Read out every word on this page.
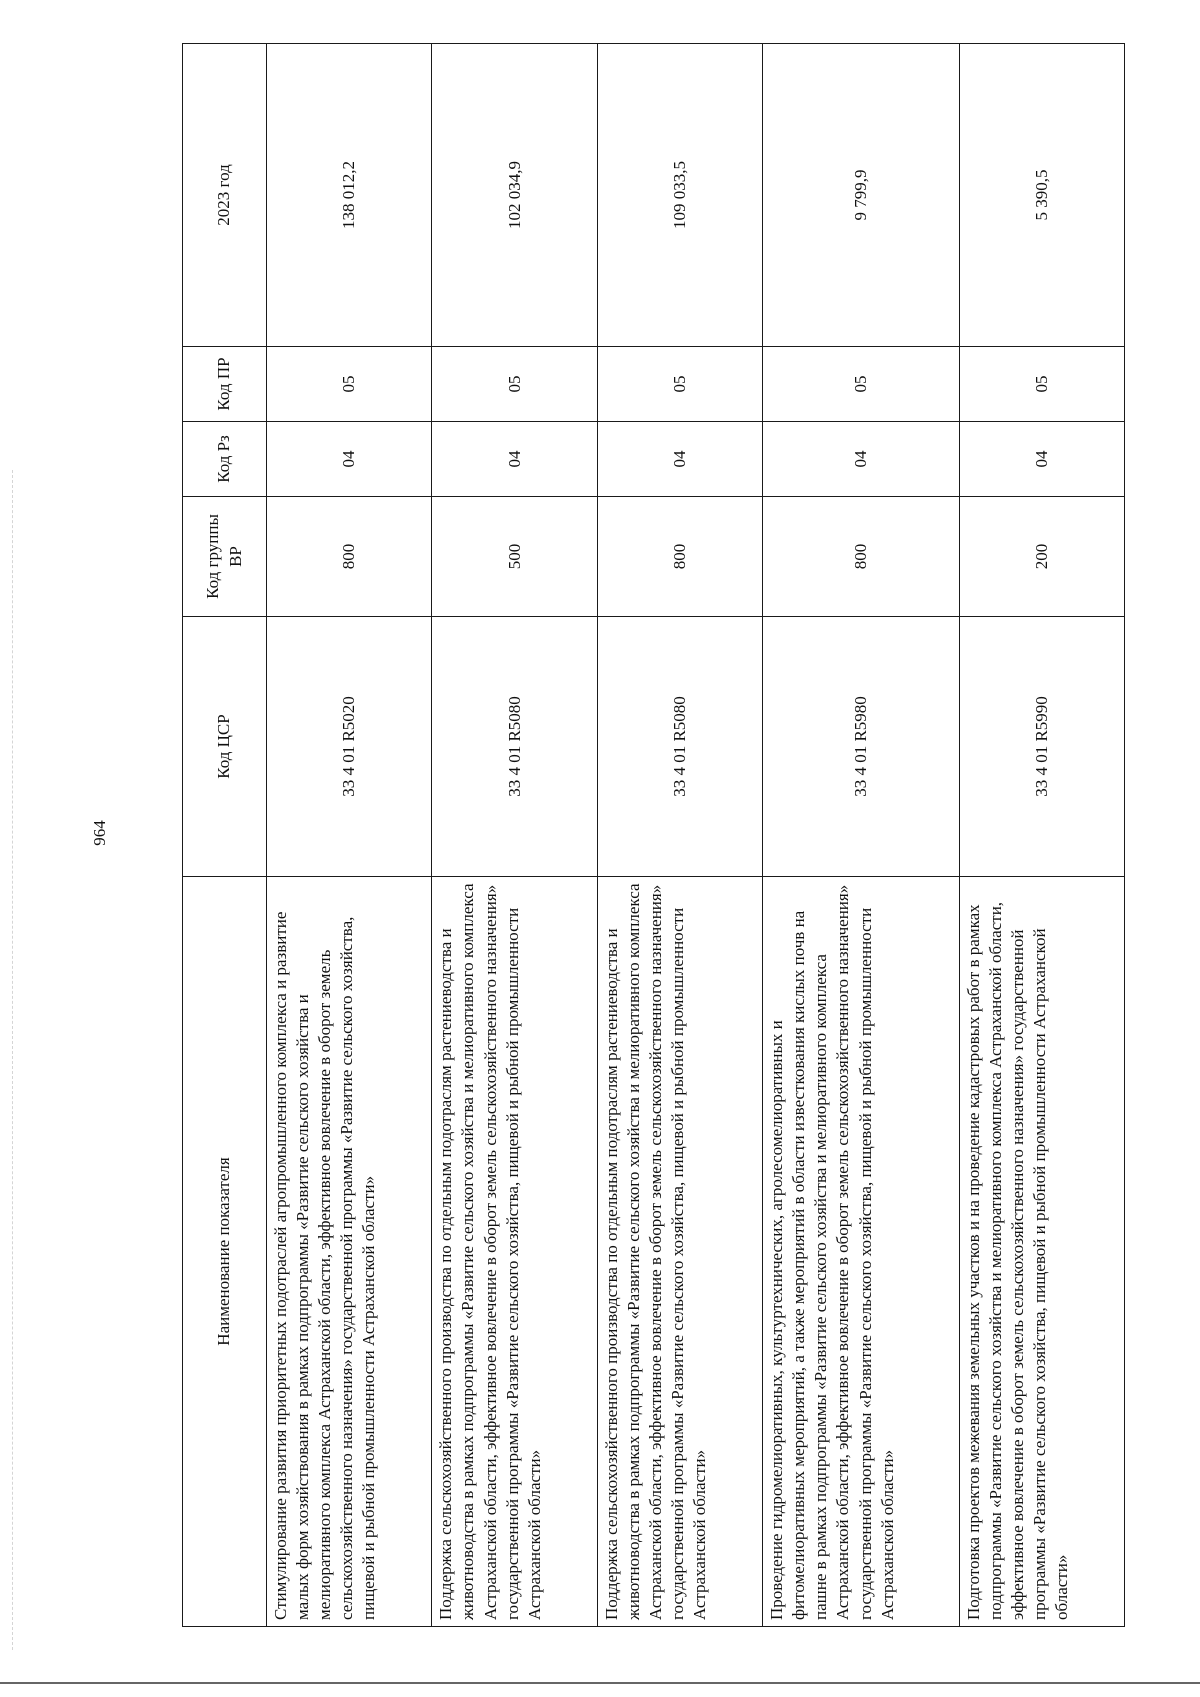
964
Наименование показателя	Код ЦСР	Код группы ВР	Код Рз	Код ПР	2023 год
Стимулирование развития приоритетных подотраслей агропромышленного комплекса и развитие малых форм хозяйствования в рамках подпрограммы «Развитие сельского хозяйства и мелиоративного комплекса Астраханской области, эффективное вовлечение в оборот земель сельскохозяйственного назначения» государственной программы «Развитие сельского хозяйства, пищевой и рыбной промышленности Астраханской области»	33 4 01 R5020	800	04	05	138 012,2
Поддержка сельскохозяйственного производства по отдельным подотраслям растениеводства и животноводства в рамках подпрограммы «Развитие сельского хозяйства и мелиоративного комплекса Астраханской области, эффективное вовлечение в оборот земель сельскохозяйственного назначения» государственной программы «Развитие сельского хозяйства, пищевой и рыбной промышленности Астраханской области»	33 4 01 R5080	500	04	05	102 034,9
Поддержка сельскохозяйственного производства по отдельным подотраслям растениеводства и животноводства в рамках подпрограммы «Развитие сельского хозяйства и мелиоративного комплекса Астраханской области, эффективное вовлечение в оборот земель сельскохозяйственного назначения» государственной программы «Развитие сельского хозяйства, пищевой и рыбной промышленности Астраханской области»	33 4 01 R5080	800	04	05	109 033,5
Проведение гидромелиоративных, культуртехнических, агролесомелиоративных и фитомелиоративных мероприятий, а также мероприятий в области известкования кислых почв на пашне в рамках подпрограммы «Развитие сельского хозяйства и мелиоративного комплекса Астраханской области, эффективное вовлечение в оборот земель сельскохозяйственного назначения» государственной программы «Развитие сельского хозяйства, пищевой и рыбной промышленности Астраханской области»	33 4 01 R5980	800	04	05	9 799,9
Подготовка проектов межевания земельных участков и на проведение кадастровых работ в рамках подпрограммы «Развитие сельского хозяйства и мелиоративного комплекса Астраханской области, эффективное вовлечение в оборот земель сельскохозяйственного назначения» государственной программы «Развитие сельского хозяйства, пищевой и рыбной промышленности Астраханской области»	33 4 01 R5990	200	04	05	5 390,5
